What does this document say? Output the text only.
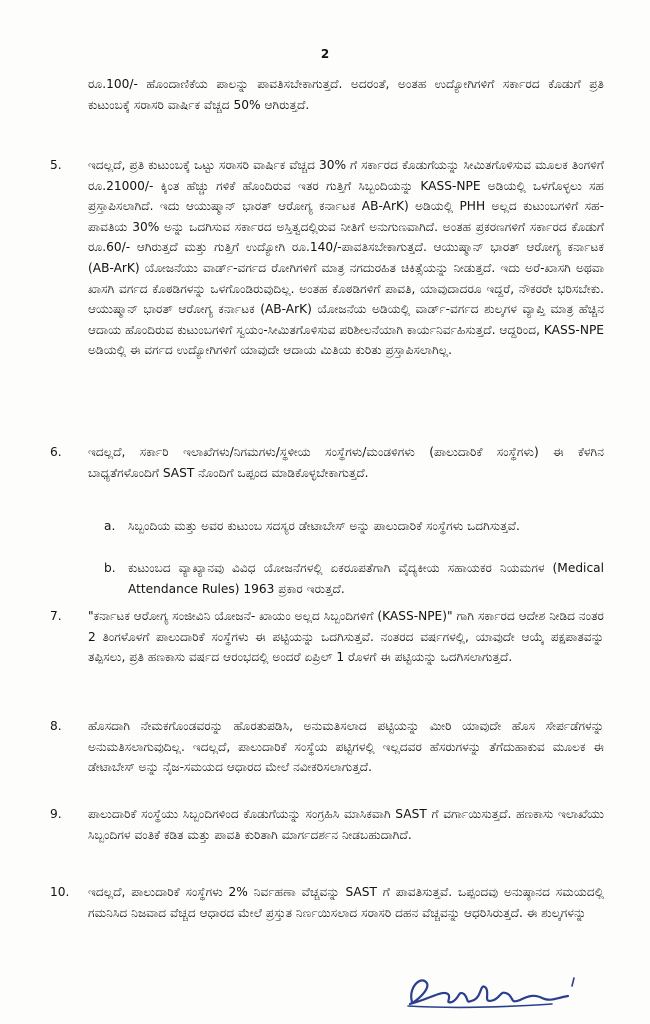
2
ರೂ.100/- ಹೊಂದಾಣಿಕೆಯ ಪಾಲನ್ನು ಪಾವತಿಸಬೇಕಾಗುತ್ತದೆ. ಅದರಂತೆ, ಅಂತಹ ಉದ್ಯೋಗಿಗಳಿಗೆ ಸರ್ಕಾರದ ಕೊಡುಗೆ ಪ್ರತಿ ಕುಟುಂಬಕ್ಕೆ ಸರಾಸರಿ ವಾರ್ಷಿಕ ವೆಚ್ಚದ 50% ಆಗಿರುತ್ತದೆ.
5. ಇದಲ್ಲದೆ, ಪ್ರತಿ ಕುಟುಂಬಕ್ಕೆ ಒಟ್ಟು ಸರಾಸರಿ ವಾರ್ಷಿಕ ವೆಚ್ಚದ 30% ಗೆ ಸರ್ಕಾರದ ಕೊಡುಗೆಯನ್ನು ಸೀಮಿತಗೊಳಿಸುವ ಮೂಲಕ ತಿಂಗಳಿಗೆ ರೂ.21000/- ಕ್ಕಿಂತ ಹೆಚ್ಚು ಗಳಿಕೆ ಹೊಂದಿರುವ ಇತರ ಗುತ್ತಿಗೆ ಸಿಬ್ಬಂದಿಯನ್ನು KASS-NPE ಅಡಿಯಲ್ಲಿ ಒಳಗೊಳ್ಳಲು ಸಹ ಪ್ರಸ್ತಾಪಿಸಲಾಗಿದೆ. ಇದು ಆಯುಷ್ಮಾನ್ ಭಾರತ್ ಆರೋಗ್ಯ ಕರ್ನಾಟಕ AB-ArK) ಅಡಿಯಲ್ಲಿ PHH ಅಲ್ಲದ ಕುಟುಂಬಗಳಿಗೆ ಸಹ-ಪಾವತಿಯ 30% ಅನ್ನು ಒದಗಿಸುವ ಸರ್ಕಾರದ ಅಸ್ತಿತ್ವದಲ್ಲಿರುವ ನೀತಿಗೆ ಅನುಗುಣವಾಗಿದೆ. ಅಂತಹ ಪ್ರಕರಣಗಳಿಗೆ ಸರ್ಕಾರದ ಕೊಡುಗೆ ರೂ.60/- ಆಗಿರುತ್ತದೆ ಮತ್ತು ಗುತ್ತಿಗೆ ಉದ್ಯೋಗಿ ರೂ.140/-ಪಾವತಿಸಬೇಕಾಗುತ್ತದೆ. ಆಯುಷ್ಮಾನ್ ಭಾರತ್ ಆರೋಗ್ಯ ಕರ್ನಾಟಕ (AB-ArK) ಯೋಜನೆಯು ವಾರ್ಡ್-ವರ್ಗದ ರೋಗಿಗಳಿಗೆ ಮಾತ್ರ ನಗದುರಹಿತ ಚಿಕಿತ್ಸೆಯನ್ನು ನೀಡುತ್ತದೆ. ಇದು ಅರೆ-ಖಾಸಗಿ ಅಥವಾ ಖಾಸಗಿ ವರ್ಗದ ಕೊಠಡಿಗಳನ್ನು ಒಳಗೊಂಡಿರುವುದಿಲ್ಲ. ಅಂತಹ ಕೊಠಡಿಗಳಿಗೆ ಪಾವತಿ, ಯಾವುದಾದರೂ ಇದ್ದರೆ, ನೌಕರರೇ ಭರಿಸಬೇಕು. ಆಯುಷ್ಮಾನ್ ಭಾರತ್ ಆರೋಗ್ಯ ಕರ್ನಾಟಕ (AB-ArK) ಯೋಜನೆಯ ಅಡಿಯಲ್ಲಿ ವಾರ್ಡ್-ವರ್ಗದ ಶುಲ್ಕಗಳ ವ್ಯಾಪ್ತಿ ಮಾತ್ರ ಹೆಚ್ಚಿನ ಆದಾಯ ಹೊಂದಿರುವ ಕುಟುಂಬಗಳಿಗೆ ಸ್ವಯಂ-ಸೀಮಿತಗೊಳಿಸುವ ಪರಿಶೀಲನೆಯಾಗಿ ಕಾರ್ಯನಿರ್ವಹಿಸುತ್ತದೆ. ಆದ್ದರಿಂದ, KASS-NPE ಅಡಿಯಲ್ಲಿ ಈ ವರ್ಗದ ಉದ್ಯೋಗಿಗಳಿಗೆ ಯಾವುದೇ ಆದಾಯ ಮಿತಿಯ ಕುರಿತು ಪ್ರಸ್ತಾಪಿಸಲಾಗಿಲ್ಲ.
6. ಇದಲ್ಲದೆ, ಸರ್ಕಾರಿ ಇಲಾಖೆಗಳು/ನಿಗಮಗಳು/ಸ್ಥಳೀಯ ಸಂಸ್ಥೆಗಳು/ಮಂಡಳಿಗಳು (ಪಾಲುದಾರಿಕೆ ಸಂಸ್ಥೆಗಳು) ಈ ಕೆಳಗಿನ ಬಾಧ್ಯತೆಗಳೊಂದಿಗೆ SAST ನೊಂದಿಗೆ ಒಪ್ಪಂದ ಮಾಡಿಕೊಳ್ಳಬೇಕಾಗುತ್ತದೆ.
a. ಸಿಬ್ಬಂದಿಯ ಮತ್ತು ಅವರ ಕುಟುಂಬ ಸದಸ್ಯರ ಡೇಟಾಬೇಸ್ ಅನ್ನು ಪಾಲುದಾರಿಕೆ ಸಂಸ್ಥೆಗಳು ಒದಗಿಸುತ್ತವೆ.
b. ಕುಟುಂಬದ ವ್ಯಾಖ್ಯಾನವು ವಿವಿಧ ಯೋಜನೆಗಳಲ್ಲಿ ಏಕರೂಪತೆಗಾಗಿ ವೈದ್ಯಕೀಯ ಸಹಾಯಕರ ನಿಯಮಗಳ (Medical Attendance Rules) 1963 ಪ್ರಕಾರ ಇರುತ್ತದೆ.
7. "ಕರ್ನಾಟಕ ಆರೋಗ್ಯ ಸಂಜೀವಿನಿ ಯೋಜನೆ- ಖಾಯಂ ಅಲ್ಲದ ಸಿಬ್ಬಂದಿಗಳಿಗೆ (KASS-NPE)" ಗಾಗಿ ಸರ್ಕಾರದ ಆದೇಶ ನೀಡಿದ ನಂತರ 2 ತಿಂಗಳೊಳಗೆ ಪಾಲುದಾರಿಕೆ ಸಂಸ್ಥೆಗಳು ಈ ಪಟ್ಟಿಯನ್ನು ಒದಗಿಸುತ್ತವೆ. ನಂತರದ ವರ್ಷಗಳಲ್ಲಿ, ಯಾವುದೇ ಆಯ್ಕೆ ಪಕ್ಷಪಾತವನ್ನು ತಪ್ಪಿಸಲು, ಪ್ರತಿ ಹಣಕಾಸು ವರ್ಷದ ಆರಂಭದಲ್ಲಿ ಅಂದರೆ ಏಪ್ರಿಲ್ 1 ರೊಳಗೆ ಈ ಪಟ್ಟಿಯನ್ನು ಒದಗಿಸಲಾಗುತ್ತದೆ.
8. ಹೊಸದಾಗಿ ನೇಮಕಗೊಂಡವರನ್ನು ಹೊರತುಪಡಿಸಿ, ಅನುಮತಿಸಲಾದ ಪಟ್ಟಿಯನ್ನು ಮೀರಿ ಯಾವುದೇ ಹೊಸ ಸೇರ್ಪಡೆಗಳನ್ನು ಅನುಮತಿಸಲಾಗುವುದಿಲ್ಲ. ಇದಲ್ಲದೆ, ಪಾಲುದಾರಿಕೆ ಸಂಸ್ಥೆಯ ಪಟ್ಟಿಗಳಲ್ಲಿ ಇಲ್ಲದವರ ಹೆಸರುಗಳನ್ನು ತೆಗೆದುಹಾಕುವ ಮೂಲಕ ಈ ಡೇಟಾಬೇಸ್ ಅನ್ನು ನೈಜ-ಸಮಯದ ಆಧಾರದ ಮೇಲೆ ನವೀಕರಿಸಲಾಗುತ್ತದೆ.
9. ಪಾಲುದಾರಿಕೆ ಸಂಸ್ಥೆಯು ಸಿಬ್ಬಂದಿಗಳಿಂದ ಕೊಡುಗೆಯನ್ನು ಸಂಗ್ರಹಿಸಿ ಮಾಸಿಕವಾಗಿ SAST ಗೆ ವರ್ಗಾಯಿಸುತ್ತದೆ. ಹಣಕಾಸು ಇಲಾಖೆಯು ಸಿಬ್ಬಂದಿಗಳ ವಂತಿಕೆ ಕಡಿತ ಮತ್ತು ಪಾವತಿ ಕುರಿತಾಗಿ ಮಾರ್ಗದರ್ಶನ ನೀಡಬಹುದಾಗಿದೆ.
10. ಇದಲ್ಲದೆ, ಪಾಲುದಾರಿಕೆ ಸಂಸ್ಥೆಗಳು 2% ನಿರ್ವಹಣಾ ವೆಚ್ಚವನ್ನು SAST ಗೆ ಪಾವತಿಸುತ್ತವೆ. ಒಪ್ಪಂದವು ಅನುಷ್ಠಾನದ ಸಮಯದಲ್ಲಿ ಗಮನಿಸಿದ ನಿಜವಾದ ವೆಚ್ಚದ ಆಧಾರದ ಮೇಲೆ ಪ್ರಸ್ತುತ ನಿರ್ಣಯಿಸಲಾದ ಸರಾಸರಿ ದಹನ ವೆಚ್ಚವನ್ನು ಆಧರಿಸಿರುತ್ತದೆ. ಈ ಶುಲ್ಕಗಳನ್ನು
